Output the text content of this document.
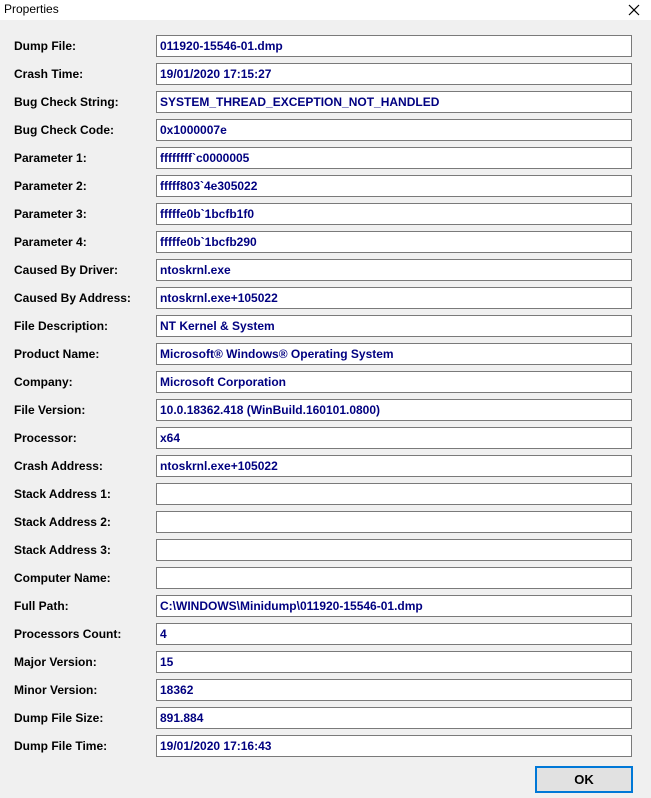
Properties
Dump File:	011920-15546-01.dmp
Crash Time:	19/01/2020 17:15:27
Bug Check String:	SYSTEM_THREAD_EXCEPTION_NOT_HANDLED
Bug Check Code:	0x1000007e
Parameter 1:	ffffffff`c0000005
Parameter 2:	fffff803`4e305022
Parameter 3:	fffffe0b`1bcfb1f0
Parameter 4:	fffffe0b`1bcfb290
Caused By Driver:	ntoskrnl.exe
Caused By Address:	ntoskrnl.exe+105022
File Description:	NT Kernel & System
Product Name:	Microsoft® Windows® Operating System
Company:	Microsoft Corporation
File Version:	10.0.18362.418 (WinBuild.160101.0800)
Processor:	x64
Crash Address:	ntoskrnl.exe+105022
Stack Address 1:
Stack Address 2:
Stack Address 3:
Computer Name:
Full Path:	C:\WINDOWS\Minidump\011920-15546-01.dmp
Processors Count:	4
Major Version:	15
Minor Version:	18362
Dump File Size:	891.884
Dump File Time:	19/01/2020 17:16:43
OK
